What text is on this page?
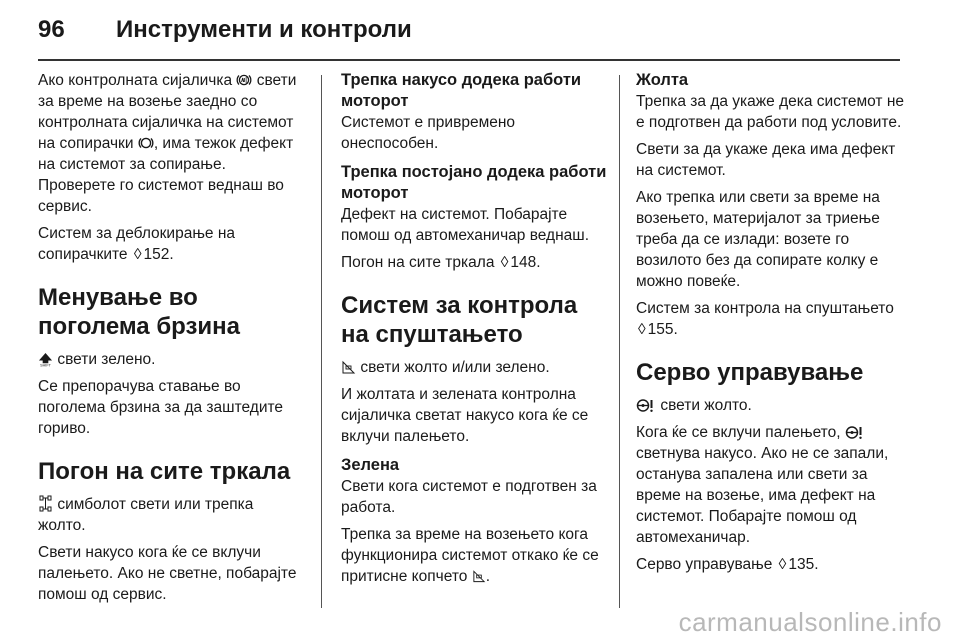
96 Инструменти и контроли

Ако контролната сијаличка свети за време на возење заедно со контролната сијаличка на системот на сопирачки , има тежок дефект на системот за сопирање. Проверете го системот веднаш во сервис.

Систем за деблокирање на сопирачките ◊ 152.

Менување во поголема брзина

SHIFT свети зелено.

Се препорачува ставање во поголема брзина за да заштедите гориво.

Погон на сите тркала

симболот свети или трепка жолто.

Свети накусо кога ќе се вклучи палењето. Ако не светне, побарајте помош од сервис.

Трепка накусо додека работи моторот

Системот е привремено онеспособен.

Трепка постојано додека работи моторот

Дефект на системот. Побарајте помош од автомеханичар веднаш.

Погон на сите тркала ◊ 148.

Систем за контрола на спуштањето

свети жолто и/или зелено.

И жолтата и зелената контролна сијаличка светат накусо кога ќе се вклучи палењето.

Зелена

Свети кога системот е подготвен за работа.

Трепка за време на возењето кога функционира системот откако ќе се притисне копчето .

Жолта

Трепка за да укаже дека системот не е подготвен да работи под условите.

Свети за да укаже дека има дефект на системот.

Ако трепка или свети за време на возењето, материјалот за триење треба да се излади: возете го возилото без да сопирате колку е можно повеќе.

Систем за контрола на спуштањето ◊ 155.

Серво управување

свети жолто.

Кога ќе се вклучи палењето,  светнува накусо. Ако не се запали, останува запалена или свети за време на возење, има дефект на системот. Побарајте помош од автомеханичар.

Серво управување ◊ 135.

carmanualsonline.info
